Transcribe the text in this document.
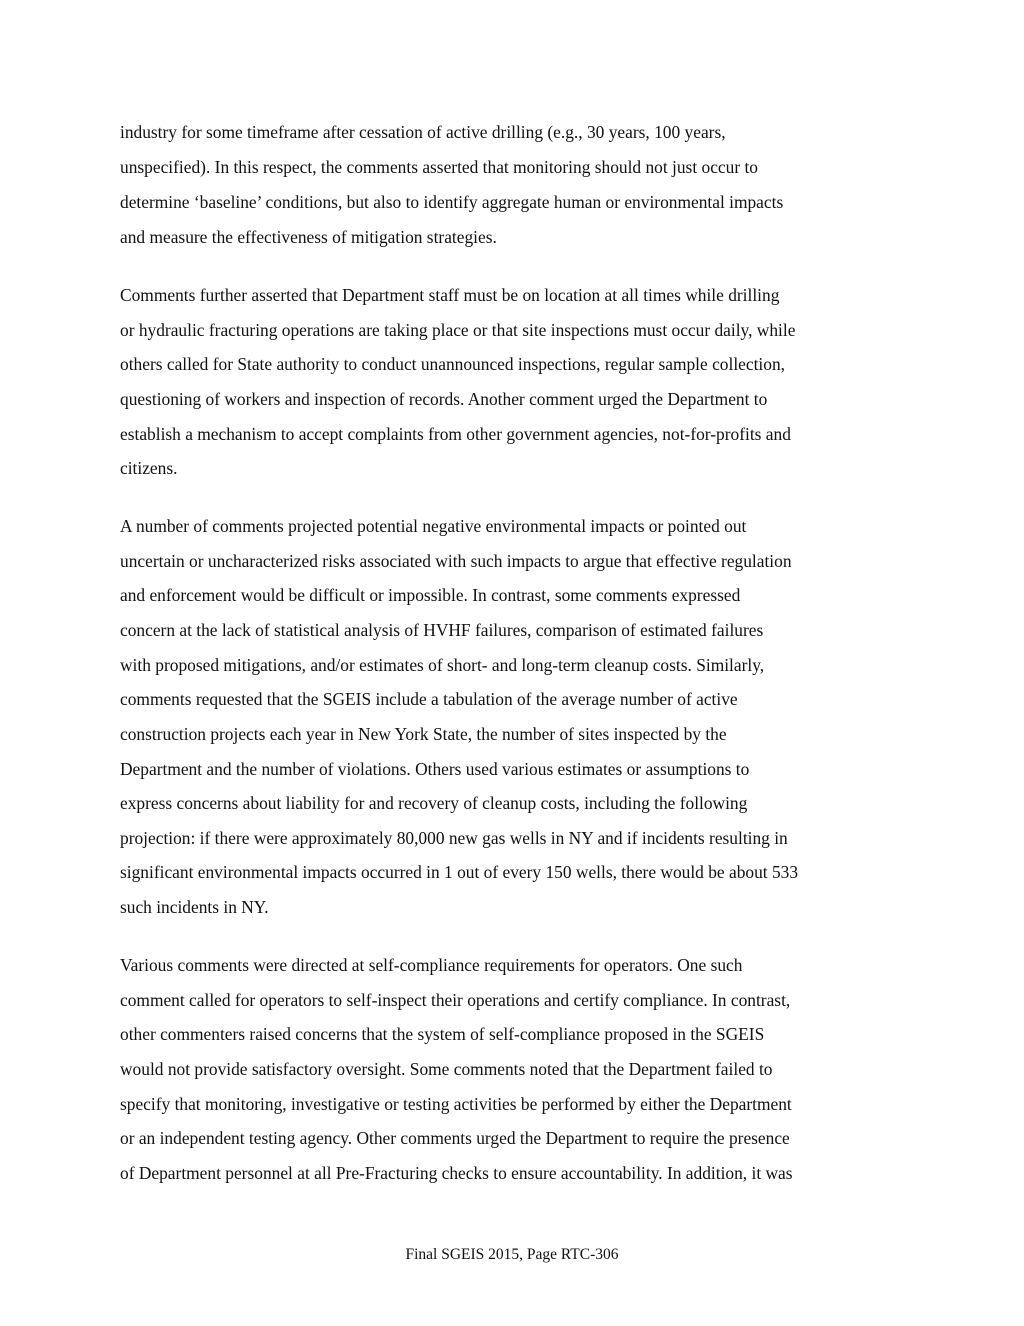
industry for some timeframe after cessation of active drilling (e.g., 30 years, 100 years,
unspecified). In this respect, the comments asserted that monitoring should not just occur to
determine ‘baseline’ conditions, but also to identify aggregate human or environmental impacts
and measure the effectiveness of mitigation strategies.
Comments further asserted that Department staff must be on location at all times while drilling
or hydraulic fracturing operations are taking place or that site inspections must occur daily, while
others called for State authority to conduct unannounced inspections, regular sample collection,
questioning of workers and inspection of records. Another comment urged the Department to
establish a mechanism to accept complaints from other government agencies, not-for-profits and
citizens.
A number of comments projected potential negative environmental impacts or pointed out
uncertain or uncharacterized risks associated with such impacts to argue that effective regulation
and enforcement would be difficult or impossible. In contrast, some comments expressed
concern at the lack of statistical analysis of HVHF failures, comparison of estimated failures
with proposed mitigations, and/or estimates of short- and long-term cleanup costs. Similarly,
comments requested that the SGEIS include a tabulation of the average number of active
construction projects each year in New York State, the number of sites inspected by the
Department and the number of violations. Others used various estimates or assumptions to
express concerns about liability for and recovery of cleanup costs, including the following
projection: if there were approximately 80,000 new gas wells in NY and if incidents resulting in
significant environmental impacts occurred in 1 out of every 150 wells, there would be about 533
such incidents in NY.
Various comments were directed at self-compliance requirements for operators. One such
comment called for operators to self-inspect their operations and certify compliance. In contrast,
other commenters raised concerns that the system of self-compliance proposed in the SGEIS
would not provide satisfactory oversight. Some comments noted that the Department failed to
specify that monitoring, investigative or testing activities be performed by either the Department
or an independent testing agency. Other comments urged the Department to require the presence
of Department personnel at all Pre-Fracturing checks to ensure accountability. In addition, it was
Final SGEIS 2015, Page RTC-306
